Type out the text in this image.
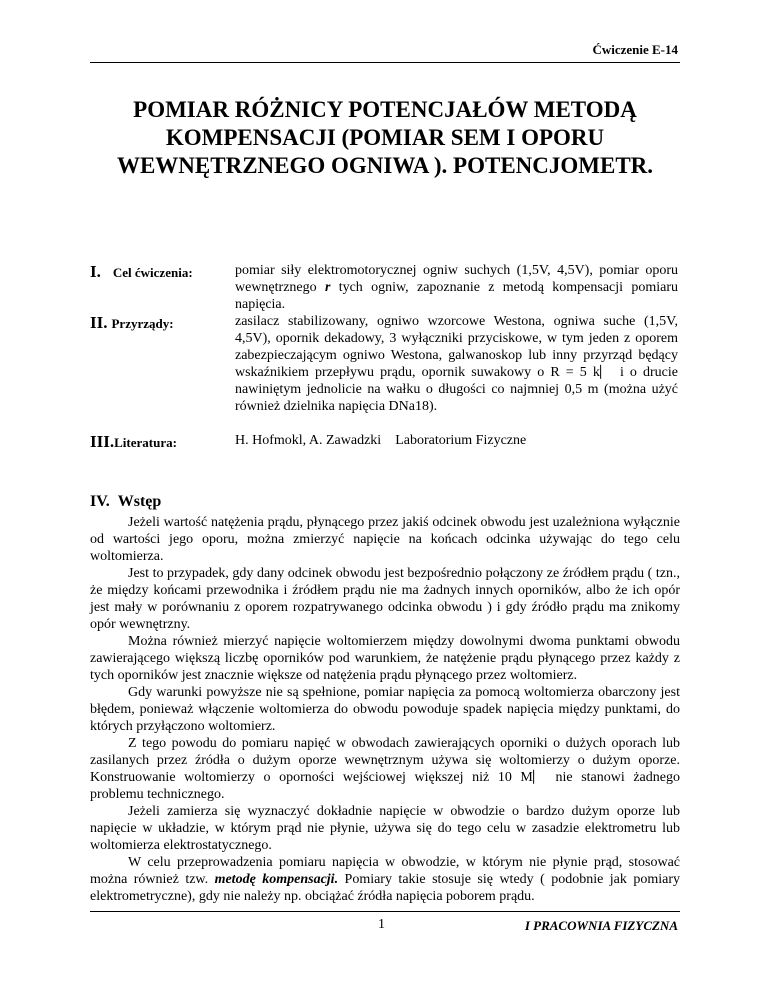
Ćwiczenie E-14
POMIAR RÓŻNICY POTENCJAŁÓW METODĄ
KOMPENSACJI (POMIAR SEM I OPORU
WEWNĘTRZNEGO OGNIWA ). POTENCJOMETR.
I. Cel ćwiczenia:	pomiar siły elektromotorycznej ogniw suchych (1,5V, 4,5V), pomiar oporu wewnętrznego r tych ogniw, zapoznanie z metodą kompensacji pomiaru napięcia.
II. Przyrządy:	zasilacz stabilizowany, ogniwo wzorcowe Westona, ogniwa suche (1,5V, 4,5V), opornik dekadowy, 3 wyłączniki przyciskowe, w tym jeden z oporem zabezpieczającym ogniwo Westona, galwanoskop lub inny przyrząd będący wskaźnikiem przepływu prądu, opornik suwakowy o R = 5 k⎸ i o drucie nawiniętym jednolicie na wałku o długości co najmniej 0,5 m (można użyć również dzielnika napięcia DNa18).
III.Literatura:	H. Hofmokl, A. Zawadzki Laboratorium Fizyczne
IV. Wstęp

Jeżeli wartość natężenia prądu, płynącego przez jakiś odcinek obwodu jest uzależniona wyłącznie od wartości jego oporu, można zmierzyć napięcie na końcach odcinka używając do tego celu woltomierza.

Jest to przypadek, gdy dany odcinek obwodu jest bezpośrednio połączony ze źródłem prądu ( tzn., że między końcami przewodnika i źródłem prądu nie ma żadnych innych oporników, albo że ich opór jest mały w porównaniu z oporem rozpatrywanego odcinka obwodu ) i gdy źródło prądu ma znikomy opór wewnętrzny.

Można również mierzyć napięcie woltomierzem między dowolnymi dwoma punktami obwodu zawierającego większą liczbę oporników pod warunkiem, że natężenie prądu płynącego przez każdy z tych oporników jest znacznie większe od natężenia prądu płynącego przez woltomierz.

Gdy warunki powyższe nie są spełnione, pomiar napięcia za pomocą woltomierza obarczony jest błędem, ponieważ włączenie woltomierza do obwodu powoduje spadek napięcia między punktami, do których przyłączono woltomierz.

Z tego powodu do pomiaru napięć w obwodach zawierających oporniki o dużych oporach lub zasilanych przez źródła o dużym oporze wewnętrznym używa się woltomierzy o dużym oporze. Konstruowanie woltomierzy o oporności wejściowej większej niż 10 M⎸ nie stanowi żadnego problemu technicznego.

Jeżeli zamierza się wyznaczyć dokładnie napięcie w obwodzie o bardzo dużym oporze lub napięcie w układzie, w którym prąd nie płynie, używa się do tego celu w zasadzie elektrometru lub woltomierza elektrostatycznego.

W celu przeprowadzenia pomiaru napięcia w obwodzie, w którym nie płynie prąd, stosować można również tzw. metodę kompensacji. Pomiary takie stosuje się wtedy ( podobnie jak pomiary elektrometryczne), gdy nie należy np. obciążać źródła napięcia poborem prądu.

1	I PRACOWNIA FIZYCZNA
